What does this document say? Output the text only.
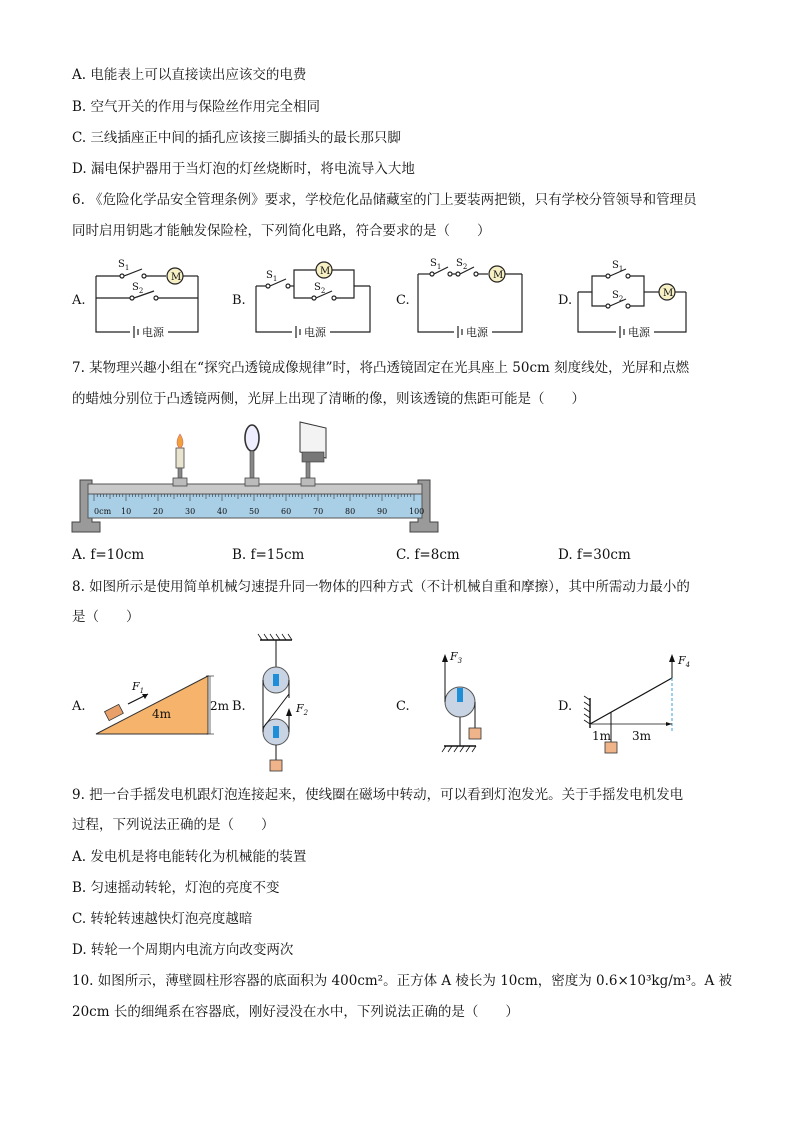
A. 电能表上可以直接读出应该交的电费
B. 空气开关的作用与保险丝作用完全相同
C. 三线插座正中间的插孔应该接三脚插头的最长那只脚
D. 漏电保护器用于当灯泡的灯丝烧断时，将电流导入大地
6. 《危险化学品安全管理条例》要求，学校危化品储藏室的门上要装两把锁，只有学校分管领导和管理员
同时启用钥匙才能触发保险栓，下列简化电路，符合要求的是（　　）
A.
$S_1$
$S_2$
M
电源
B.
$S_1$
$S_2$
M
电源
C.
$S_1$ $S_2$
M
电源
D.
$S_1$
$S_2$	M
电源
7. 某物理兴趣小组在“探究凸透镜成像规律”时，将凸透镜固定在光具座上 50cm 刻度线处，光屏和点燃
的蜡烛分别位于凸透镜两侧，光屏上出现了清晰的像，则该透镜的焦距可能是（　　）
0cm 10	20	30	40	50	60	70	80	90	100
A. f=10cm	B. f=15cm	C. f=8cm	D. f=30cm
8. 如图所示是使用简单机械匀速提升同一物体的四种方式（不计机械自重和摩擦），其中所需动力最小的
是（　　）
A.
$F_1$
4m
2m B.	$F_2$	C.
$F_3$
D.
$F_4$
1m 3m
9. 把一台手摇发电机跟灯泡连接起来，使线圈在磁场中转动，可以看到灯泡发光。关于手摇发电机发电
过程，下列说法正确的是（　　）
A. 发电机是将电能转化为机械能的装置
B. 匀速摇动转轮，灯泡的亮度不变
C. 转轮转速越快灯泡亮度越暗
D. 转轮一个周期内电流方向改变两次
10. 如图所示，薄壁圆柱形容器的底面积为 400cm²。正方体 A 棱长为 10cm，密度为 0.6×10³kg/m³。A 被
20cm 长的细绳系在容器底，刚好浸没在水中，下列说法正确的是（　　）
